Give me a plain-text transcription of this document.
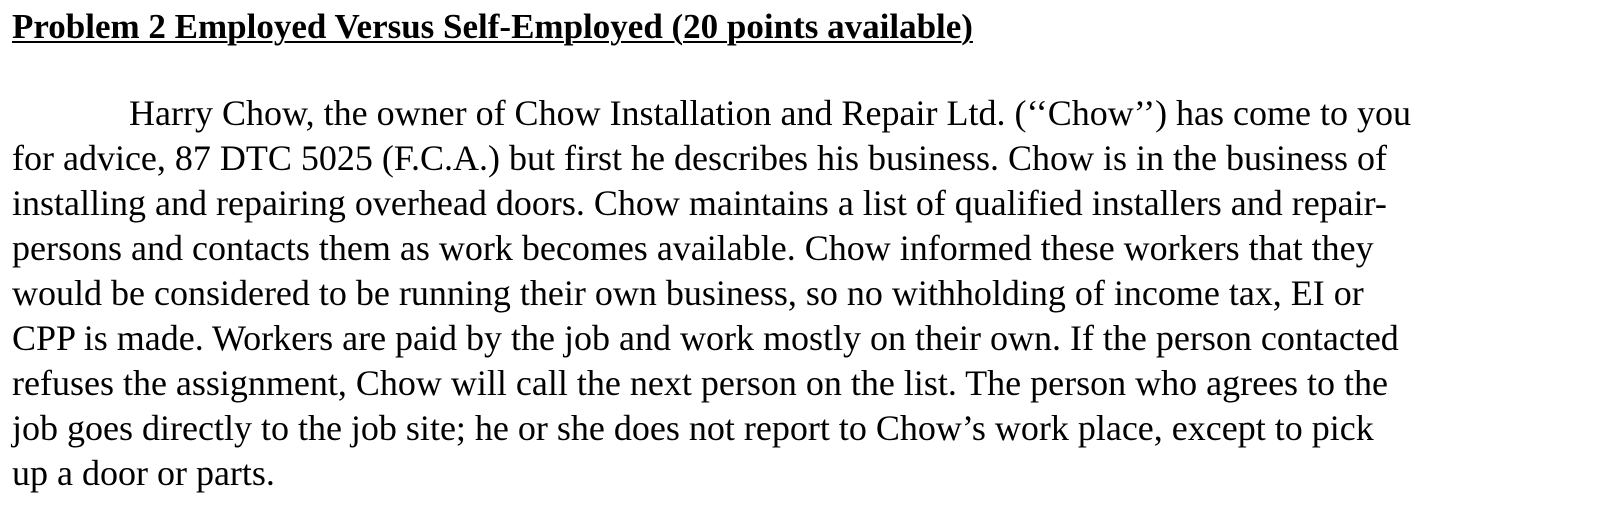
Problem 2 Employed Versus Self-Employed (20 points available)
Harry Chow, the owner of Chow Installation and Repair Ltd. (‘‘Chow’’) has come to you
for advice, 87 DTC 5025 (F.C.A.) but first he describes his business. Chow is in the business of
installing and repairing overhead doors. Chow maintains a list of qualified installers and repair-
persons and contacts them as work becomes available. Chow informed these workers that they
would be considered to be running their own business, so no withholding of income tax, EI or
CPP is made. Workers are paid by the job and work mostly on their own. If the person contacted
refuses the assignment, Chow will call the next person on the list. The person who agrees to the
job goes directly to the job site; he or she does not report to Chow’s work place, except to pick
up a door or parts.
